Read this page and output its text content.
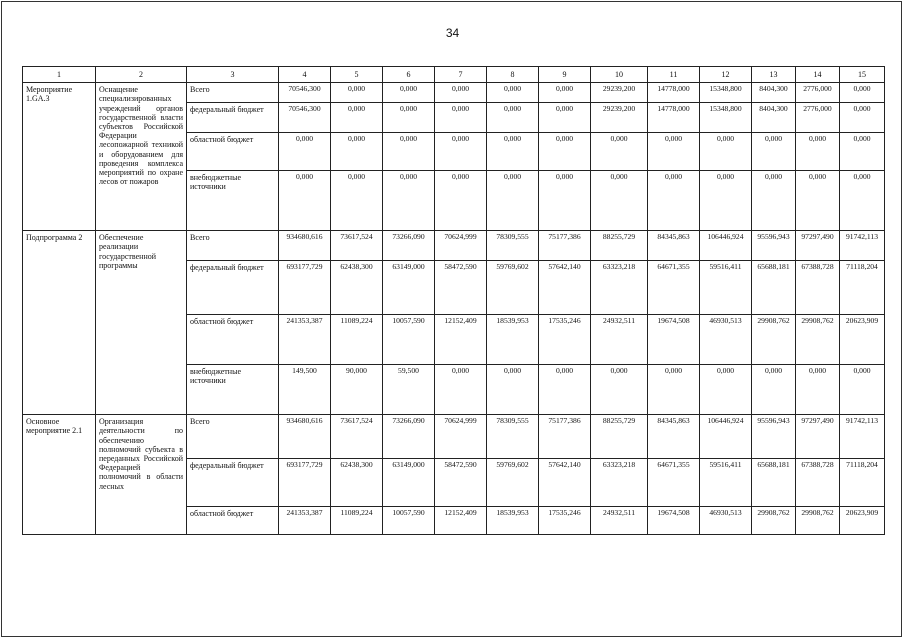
34
1	2	3	4	5	6	7	8	9	10	11	12	13	14	15
Мероприятие 1.GA.3	Оснащение специализированных учреждений органов государственной власти субъектов Российской Федерации лесопожарной техникой и оборудованием для проведения комплекса мероприятий по охране лесов от пожаров	Всего	70546,300	0,000	0,000	0,000	0,000	0,000	29239,200	14778,000	15348,800	8404,300	2776,000	0,000
		федеральный бюджет	70546,300	0,000	0,000	0,000	0,000	0,000	29239,200	14778,000	15348,800	8404,300	2776,000	0,000
		областной бюджет	0,000	0,000	0,000	0,000	0,000	0,000	0,000	0,000	0,000	0,000	0,000	0,000
		внебюджетные источники	0,000	0,000	0,000	0,000	0,000	0,000	0,000	0,000	0,000	0,000	0,000	0,000
Подпрограмма 2	Обеспечение реализации государственной программы	Всего	934680,616	73617,524	73266,090	70624,999	78309,555	75177,386	88255,729	84345,863	106446,924	95596,943	97297,490	91742,113
		федеральный бюджет	693177,729	62438,300	63149,000	58472,590	59769,602	57642,140	63323,218	64671,355	59516,411	65688,181	67388,728	71118,204
		областной бюджет	241353,387	11089,224	10057,590	12152,409	18539,953	17535,246	24932,511	19674,508	46930,513	29908,762	29908,762	20623,909
		внебюджетные источники	149,500	90,000	59,500	0,000	0,000	0,000	0,000	0,000	0,000	0,000	0,000	0,000
Основное мероприятие 2.1	Организация деятельности по обеспечению полномочий субъекта в переданных Российской Федерацией полномочий в области лесных	Всего	934680,616	73617,524	73266,090	70624,999	78309,555	75177,386	88255,729	84345,863	106446,924	95596,943	97297,490	91742,113
		федеральный бюджет	693177,729	62438,300	63149,000	58472,590	59769,602	57642,140	63323,218	64671,355	59516,411	65688,181	67388,728	71118,204
		областной бюджет	241353,387	11089,224	10057,590	12152,409	18539,953	17535,246	24932,511	19674,508	46930,513	29908,762	29908,762	20623,909
